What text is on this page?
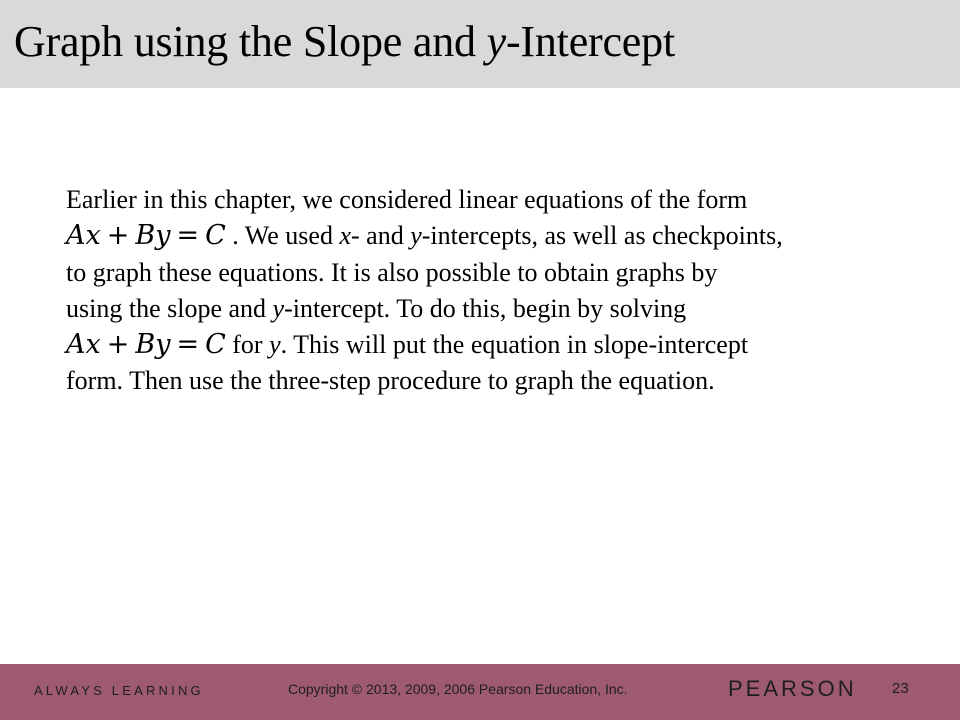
Graph using the Slope and y-Intercept
Earlier in this chapter, we considered linear equations of the form
Ax + By = C . We used x- and y-intercepts, as well as checkpoints,
to graph these equations. It is also possible to obtain graphs by
using the slope and y-intercept. To do this, begin by solving
Ax + By = C for y. This will put the equation in slope-intercept
form. Then use the three-step procedure to graph the equation.
ALWAYS LEARNING	Copyright © 2013, 2009, 2006 Pearson Education, Inc.	PEARSON 23
